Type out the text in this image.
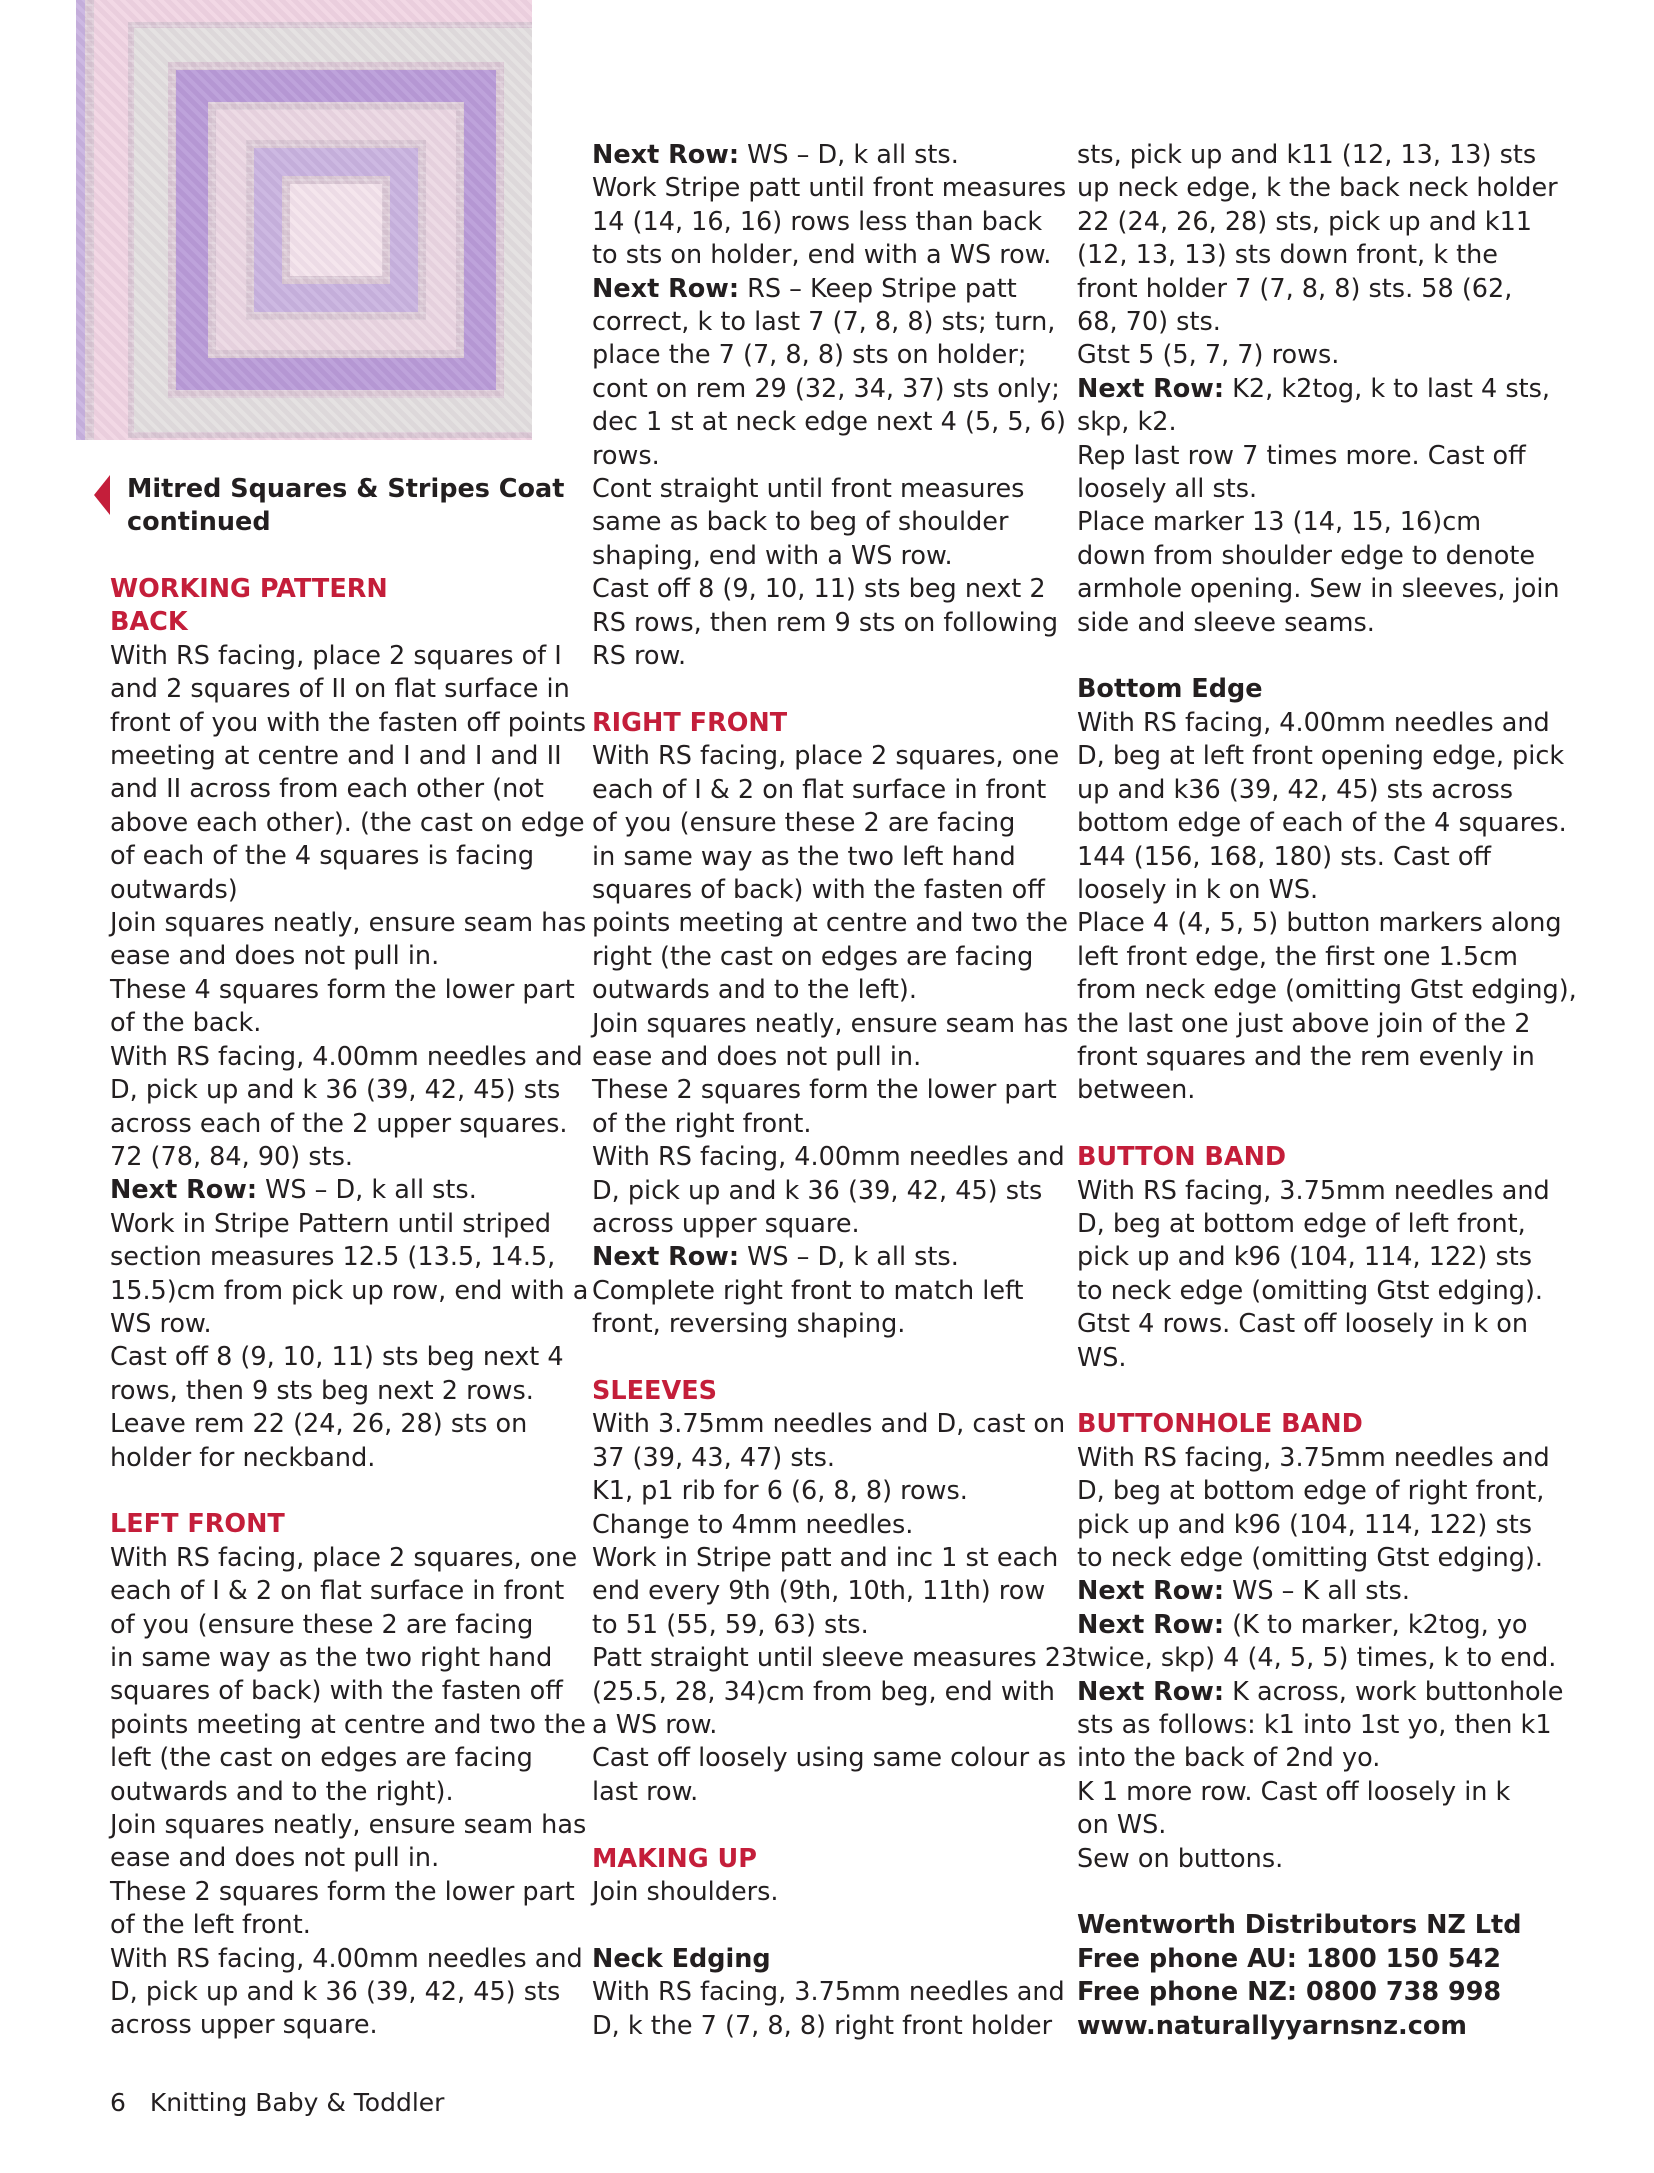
Mitred Squares & Stripes Coat
continued

WORKING PATTERN

BACK

With RS facing, place 2 squares of I

and 2 squares of II on flat surface in

front of you with the fasten off points

meeting at centre and I and I and II

and II across from each other (not

above each other). (the cast on edge

of each of the 4 squares is facing

outwards)

Join squares neatly, ensure seam has

ease and does not pull in.

These 4 squares form the lower part

of the back.

With RS facing, 4.00mm needles and

D, pick up and k 36 (39, 42, 45) sts

across each of the 2 upper squares.

72 (78, 84, 90) sts.

Next Row: WS – D, k all sts.

Work in Stripe Pattern until striped

section measures 12.5 (13.5, 14.5,

15.5)cm from pick up row, end with a

WS row.

Cast off 8 (9, 10, 11) sts beg next 4

rows, then 9 sts beg next 2 rows.

Leave rem 22 (24, 26, 28) sts on

holder for neckband.

LEFT FRONT

With RS facing, place 2 squares, one

each of I & 2 on flat surface in front

of you (ensure these 2 are facing

in same way as the two right hand

squares of back) with the fasten off

points meeting at centre and two the

left (the cast on edges are facing

outwards and to the right).

Join squares neatly, ensure seam has

ease and does not pull in.

These 2 squares form the lower part

of the left front.

With RS facing, 4.00mm needles and

D, pick up and k 36 (39, 42, 45) sts

across upper square.

Next Row: WS – D, k all sts.

Work Stripe patt until front measures

14 (14, 16, 16) rows less than back

to sts on holder, end with a WS row.

Next Row: RS – Keep Stripe patt

correct, k to last 7 (7, 8, 8) sts; turn,

place the 7 (7, 8, 8) sts on holder;

cont on rem 29 (32, 34, 37) sts only;

dec 1 st at neck edge next 4 (5, 5, 6)

rows.

Cont straight until front measures

same as back to beg of shoulder

shaping, end with a WS row.

Cast off 8 (9, 10, 11) sts beg next 2

RS rows, then rem 9 sts on following

RS row.

RIGHT FRONT

With RS facing, place 2 squares, one

each of I & 2 on flat surface in front

of you (ensure these 2 are facing

in same way as the two left hand

squares of back) with the fasten off

points meeting at centre and two the

right (the cast on edges are facing

outwards and to the left).

Join squares neatly, ensure seam has

ease and does not pull in.

These 2 squares form the lower part

of the right front.

With RS facing, 4.00mm needles and

D, pick up and k 36 (39, 42, 45) sts

across upper square.

Next Row: WS – D, k all sts.

Complete right front to match left

front, reversing shaping.

SLEEVES

With 3.75mm needles and D, cast on

37 (39, 43, 47) sts.

K1, p1 rib for 6 (6, 8, 8) rows.

Change to 4mm needles.

Work in Stripe patt and inc 1 st each

end every 9th (9th, 10th, 11th) row

to 51 (55, 59, 63) sts.

Patt straight until sleeve measures 23

(25.5, 28, 34)cm from beg, end with

a WS row.

Cast off loosely using same colour as

last row.

MAKING UP

Join shoulders.

Neck Edging

With RS facing, 3.75mm needles and

D, k the 7 (7, 8, 8) right front holder

sts, pick up and k11 (12, 13, 13) sts

up neck edge, k the back neck holder

22 (24, 26, 28) sts, pick up and k11

(12, 13, 13) sts down front, k the

front holder 7 (7, 8, 8) sts. 58 (62,

68, 70) sts.

Gtst 5 (5, 7, 7) rows.

Next Row: K2, k2tog, k to last 4 sts,

skp, k2.

Rep last row 7 times more. Cast off

loosely all sts.

Place marker 13 (14, 15, 16)cm

down from shoulder edge to denote

armhole opening. Sew in sleeves, join

side and sleeve seams.

Bottom Edge

With RS facing, 4.00mm needles and

D, beg at left front opening edge, pick

up and k36 (39, 42, 45) sts across

bottom edge of each of the 4 squares.

144 (156, 168, 180) sts. Cast off

loosely in k on WS.

Place 4 (4, 5, 5) button markers along

left front edge, the first one 1.5cm

from neck edge (omitting Gtst edging),

the last one just above join of the 2

front squares and the rem evenly in

between.

BUTTON BAND

With RS facing, 3.75mm needles and

D, beg at bottom edge of left front,

pick up and k96 (104, 114, 122) sts

to neck edge (omitting Gtst edging).

Gtst 4 rows. Cast off loosely in k on

WS.

BUTTONHOLE BAND

With RS facing, 3.75mm needles and

D, beg at bottom edge of right front,

pick up and k96 (104, 114, 122) sts

to neck edge (omitting Gtst edging).

Next Row: WS – K all sts.

Next Row: (K to marker, k2tog, yo

twice, skp) 4 (4, 5, 5) times, k to end.

Next Row: K across, work buttonhole

sts as follows: k1 into 1st yo, then k1

into the back of 2nd yo.

K 1 more row. Cast off loosely in k

on WS.

Sew on buttons.

Wentworth Distributors NZ Ltd

Free phone AU: 1800 150 542

Free phone NZ: 0800 738 998

www.naturallyyarnsnz.com

6 Knitting Baby & Toddler
